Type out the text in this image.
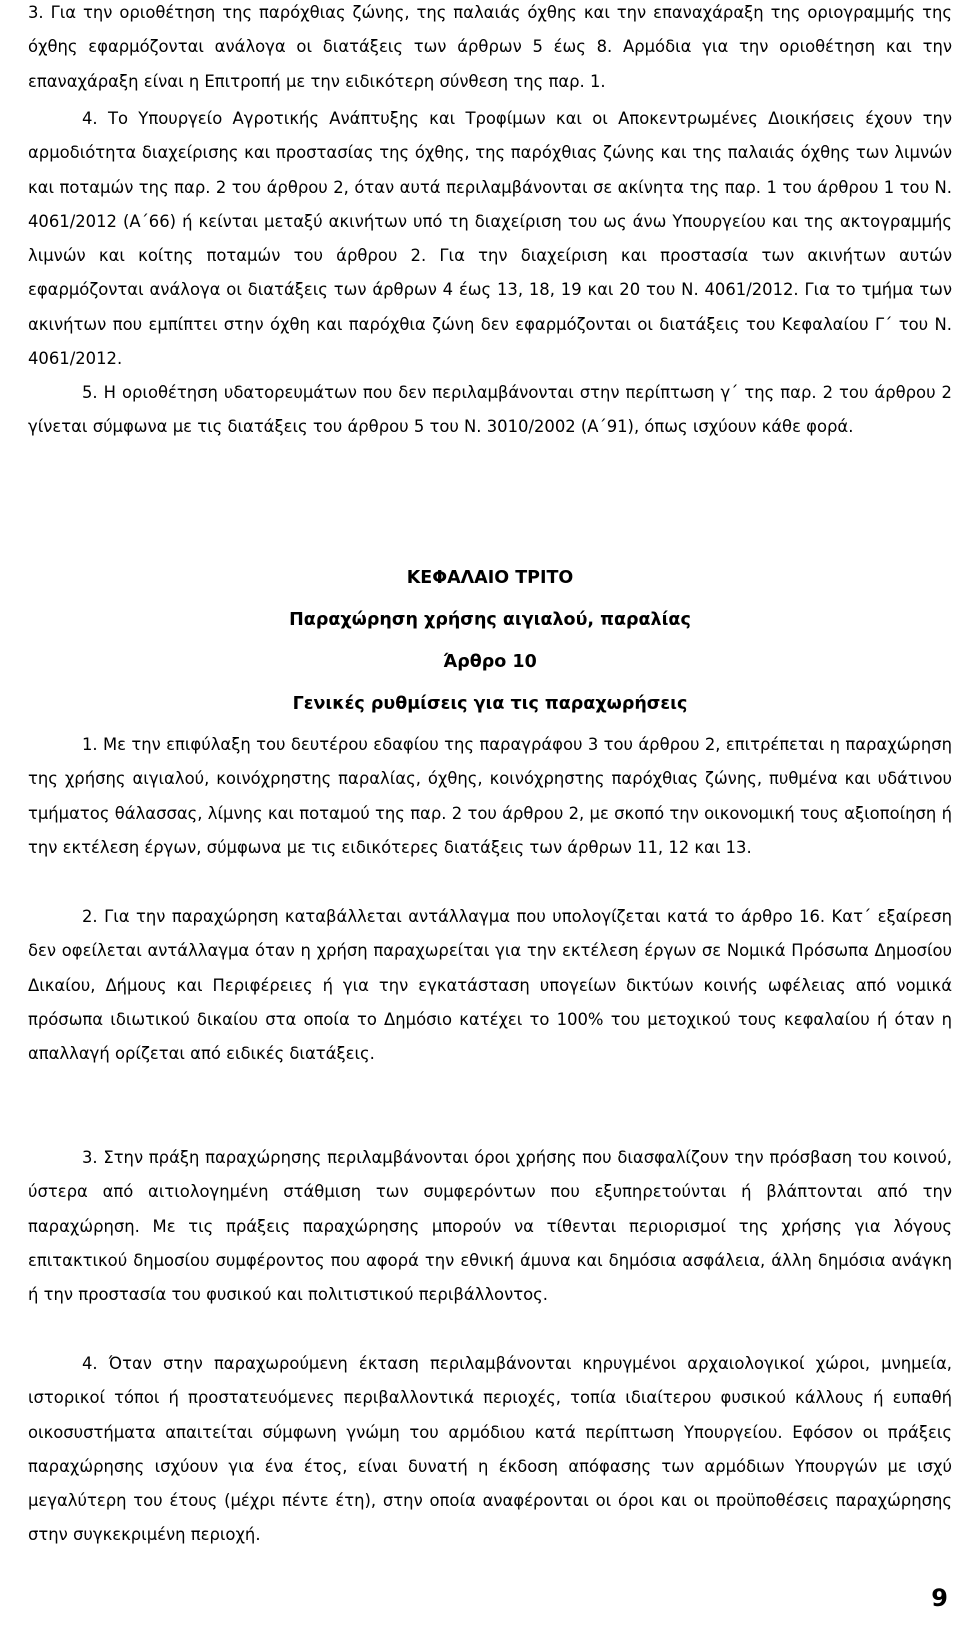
3. Για την οριοθέτηση της παρόχθιας ζώνης, της παλαιάς όχθης και την επαναχάραξη της οριογραμμής της όχθης εφαρμόζονται ανάλογα οι διατάξεις των άρθρων 5 έως 8. Αρμόδια για την οριοθέτηση και την επαναχάραξη είναι η Επιτροπή με την ειδικότερη σύνθεση της παρ. 1.

4. Το Υπουργείο Αγροτικής Ανάπτυξης και Τροφίμων και οι Αποκεντρωμένες Διοικήσεις έχουν την αρμοδιότητα διαχείρισης και προστασίας της όχθης, της παρόχθιας ζώνης και της παλαιάς όχθης των λιμνών και ποταμών της παρ. 2 του άρθρου 2, όταν αυτά περιλαμβάνονται σε ακίνητα της παρ. 1 του άρθρου 1 του Ν. 4061/2012 (Α΄66) ή κείνται μεταξύ ακινήτων υπό τη διαχείριση του ως άνω Υπουργείου και της ακτογραμμής λιμνών και κοίτης ποταμών του άρθρου 2. Για την διαχείριση και προστασία των ακινήτων αυτών εφαρμόζονται ανάλογα οι διατάξεις των άρθρων 4 έως 13, 18, 19 και 20 του Ν. 4061/2012. Για το τμήμα των ακινήτων που εμπίπτει στην όχθη και παρόχθια ζώνη δεν εφαρμόζονται οι διατάξεις του Κεφαλαίου Γ΄ του Ν. 4061/2012.

5. Η οριοθέτηση υδατορευμάτων που δεν περιλαμβάνονται στην περίπτωση γ΄ της παρ. 2 του άρθρου 2 γίνεται σύμφωνα με τις διατάξεις του άρθρου 5 του Ν. 3010/2002 (Α΄91), όπως ισχύουν κάθε φορά.

ΚΕΦΑΛΑΙΟ ΤΡΙΤΟ
Παραχώρηση χρήσης αιγιαλού, παραλίας
Άρθρο 10
Γενικές ρυθμίσεις για τις παραχωρήσεις

1. Με την επιφύλαξη του δευτέρου εδαφίου της παραγράφου 3 του άρθρου 2, επιτρέπεται η παραχώρηση της χρήσης αιγιαλού, κοινόχρηστης παραλίας, όχθης, κοινόχρηστης παρόχθιας ζώνης, πυθμένα και υδάτινου τμήματος θάλασσας, λίμνης και ποταμού της παρ. 2 του άρθρου 2, με σκοπό την οικονομική τους αξιοποίηση ή την εκτέλεση έργων, σύμφωνα με τις ειδικότερες διατάξεις των άρθρων 11, 12 και 13.

2. Για την παραχώρηση καταβάλλεται αντάλλαγμα που υπολογίζεται κατά το άρθρο 16. Κατ΄ εξαίρεση δεν οφείλεται αντάλλαγμα όταν η χρήση παραχωρείται για την εκτέλεση έργων σε Νομικά Πρόσωπα Δημοσίου Δικαίου, Δήμους και Περιφέρειες ή για την εγκατάσταση υπογείων δικτύων κοινής ωφέλειας από νομικά πρόσωπα ιδιωτικού δικαίου στα οποία το Δημόσιο κατέχει το 100% του μετοχικού τους κεφαλαίου ή όταν η απαλλαγή ορίζεται από ειδικές διατάξεις.

3. Στην πράξη παραχώρησης περιλαμβάνονται όροι χρήσης που διασφαλίζουν την πρόσβαση του κοινού, ύστερα από αιτιολογημένη στάθμιση των συμφερόντων που εξυπηρετούνται ή βλάπτονται από την παραχώρηση. Με τις πράξεις παραχώρησης μπορούν να τίθενται περιορισμοί της χρήσης για λόγους επιτακτικού δημοσίου συμφέροντος που αφορά την εθνική άμυνα και δημόσια ασφάλεια, άλλη δημόσια ανάγκη ή την προστασία του φυσικού και πολιτιστικού περιβάλλοντος.

4. Όταν στην παραχωρούμενη έκταση περιλαμβάνονται κηρυγμένοι αρχαιολογικοί χώροι, μνημεία, ιστορικοί τόποι ή προστατευόμενες περιβαλλοντικά περιοχές, τοπία ιδιαίτερου φυσικού κάλλους ή ευπαθή οικοσυστήματα απαιτείται σύμφωνη γνώμη του αρμόδιου κατά περίπτωση Υπουργείου. Εφόσον οι πράξεις παραχώρησης ισχύουν για ένα έτος, είναι δυνατή η έκδοση απόφασης των αρμόδιων Υπουργών με ισχύ μεγαλύτερη του έτους (μέχρι πέντε έτη), στην οποία αναφέρονται οι όροι και οι προϋποθέσεις παραχώρησης στην συγκεκριμένη περιοχή.

9
